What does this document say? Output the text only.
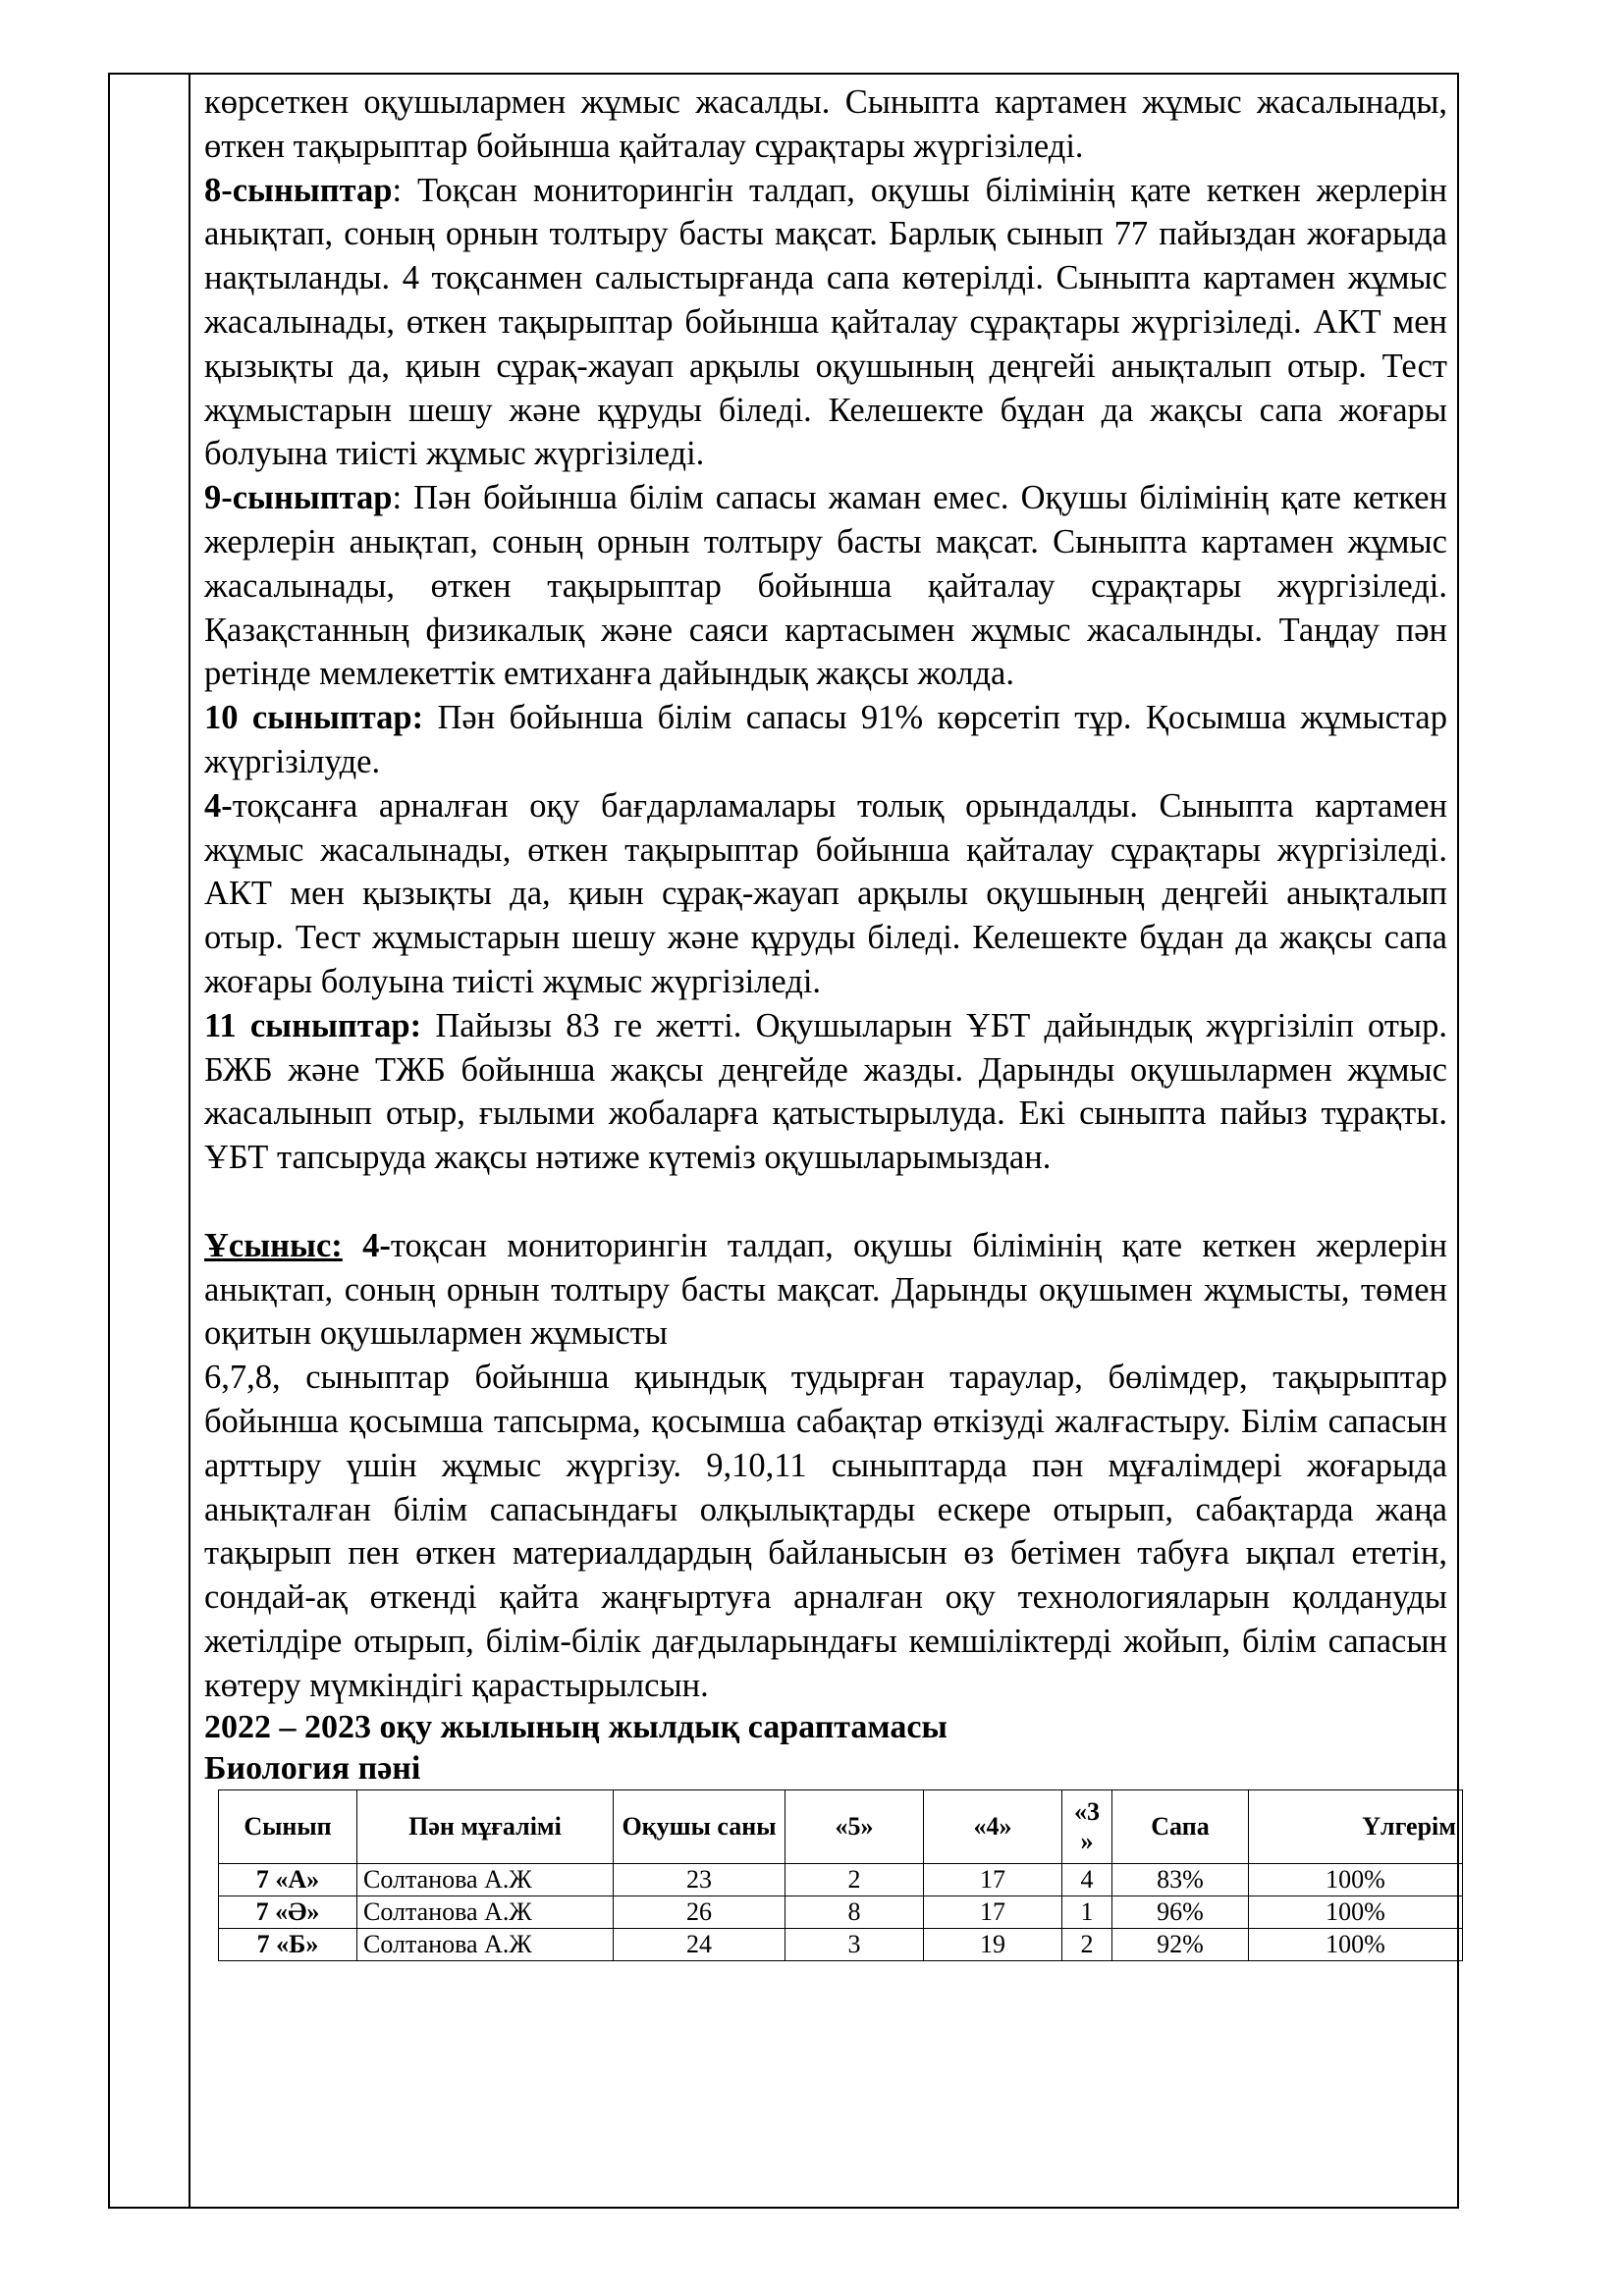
көрсеткен оқушылармен жұмыс жасалды. Сыныпта картамен жұмыс жасалынады, өткен тақырыптар бойынша қайталау сұрақтары жүргізіледі.

8-сыныптар: Тоқсан мониторингін талдап, оқушы білімінің қате кеткен жерлерін анықтап, соның орнын толтыру басты мақсат. Барлық сынып 77 пайыздан жоғарыда нақтыланды. 4 тоқсанмен салыстырғанда сапа көтерілді. Сыныпта картамен жұмыс жасалынады, өткен тақырыптар бойынша қайталау сұрақтары жүргізіледі. АКТ мен қызықты да, қиын сұрақ-жауап арқылы оқушының деңгейі анықталып отыр. Тест жұмыстарын шешу және құруды біледі. Келешекте бұдан да жақсы сапа жоғары болуына тиісті жұмыс жүргізіледі.

9-сыныптар: Пән бойынша білім сапасы жаман емес. Оқушы білімінің қате кеткен жерлерін анықтап, соның орнын толтыру басты мақсат. Сыныпта картамен жұмыс жасалынады, өткен тақырыптар бойынша қайталау сұрақтары жүргізіледі. Қазақстанның физикалық және саяси картасымен жұмыс жасалынды. Таңдау пән ретінде мемлекеттік емтиханға дайындық жақсы жолда.

10 сыныптар: Пән бойынша білім сапасы 91% көрсетіп тұр. Қосымша жұмыстар жүргізілуде.

4-тоқсанға арналған оқу бағдарламалары толық орындалды. Сыныпта картамен жұмыс жасалынады, өткен тақырыптар бойынша қайталау сұрақтары жүргізіледі. АКТ мен қызықты да, қиын сұрақ-жауап арқылы оқушының деңгейі анықталып отыр. Тест жұмыстарын шешу және құруды біледі. Келешекте бұдан да жақсы сапа жоғары болуына тиісті жұмыс жүргізіледі.

11 сыныптар: Пайызы 83 ге жетті. Оқушыларын ҰБТ дайындық жүргізіліп отыр. БЖБ және ТЖБ бойынша жақсы деңгейде жазды. Дарынды оқушылармен жұмыс жасалынып отыр, ғылыми жобаларға қатыстырылуда. Екі сыныпта пайыз тұрақты. ҰБТ тапсыруда жақсы нәтиже күтеміз оқушыларымыздан.

Ұсыныс: 4-тоқсан мониторингін талдап, оқушы білімінің қате кеткен жерлерін анықтап, соның орнын толтыру басты мақсат. Дарынды оқушымен жұмысты, төмен оқитын оқушылармен жұмысты

6,7,8, сыныптар бойынша қиындық тудырған тараулар, бөлімдер, тақырыптар бойынша қосымша тапсырма, қосымша сабақтар өткізуді жалғастыру. Білім сапасын арттыру үшін жұмыс жүргізу. 9,10,11 сыныптарда пән мұғалімдері жоғарыда анықталған білім сапасындағы олқылықтарды ескере отырып, сабақтарда жаңа тақырып пен өткен материалдардың байланысын өз бетімен табуға ықпал ететін, сондай-ақ өткенді қайта жаңғыртуға арналған оқу технологияларын қолдануды жетілдіре отырып, білім-білік дағдыларындағы кемшіліктерді жойып, білім сапасын көтеру мүмкіндігі қарастырылсын.

2022 – 2023 оқу жылының жылдық сараптамасы

Биология пәні

Сынып	Пән мұғалімі	Оқушы саны	«5»	«4»	«3 »	Сапа	Үлгерім
7 «А»	Солтанова А.Ж	23	2	17	4	83%	100%
7 «Ә»	Солтанова А.Ж	26	8	17	1	96%	100%
7 «Б»	Солтанова А.Ж	24	3	19	2	92%	100%
